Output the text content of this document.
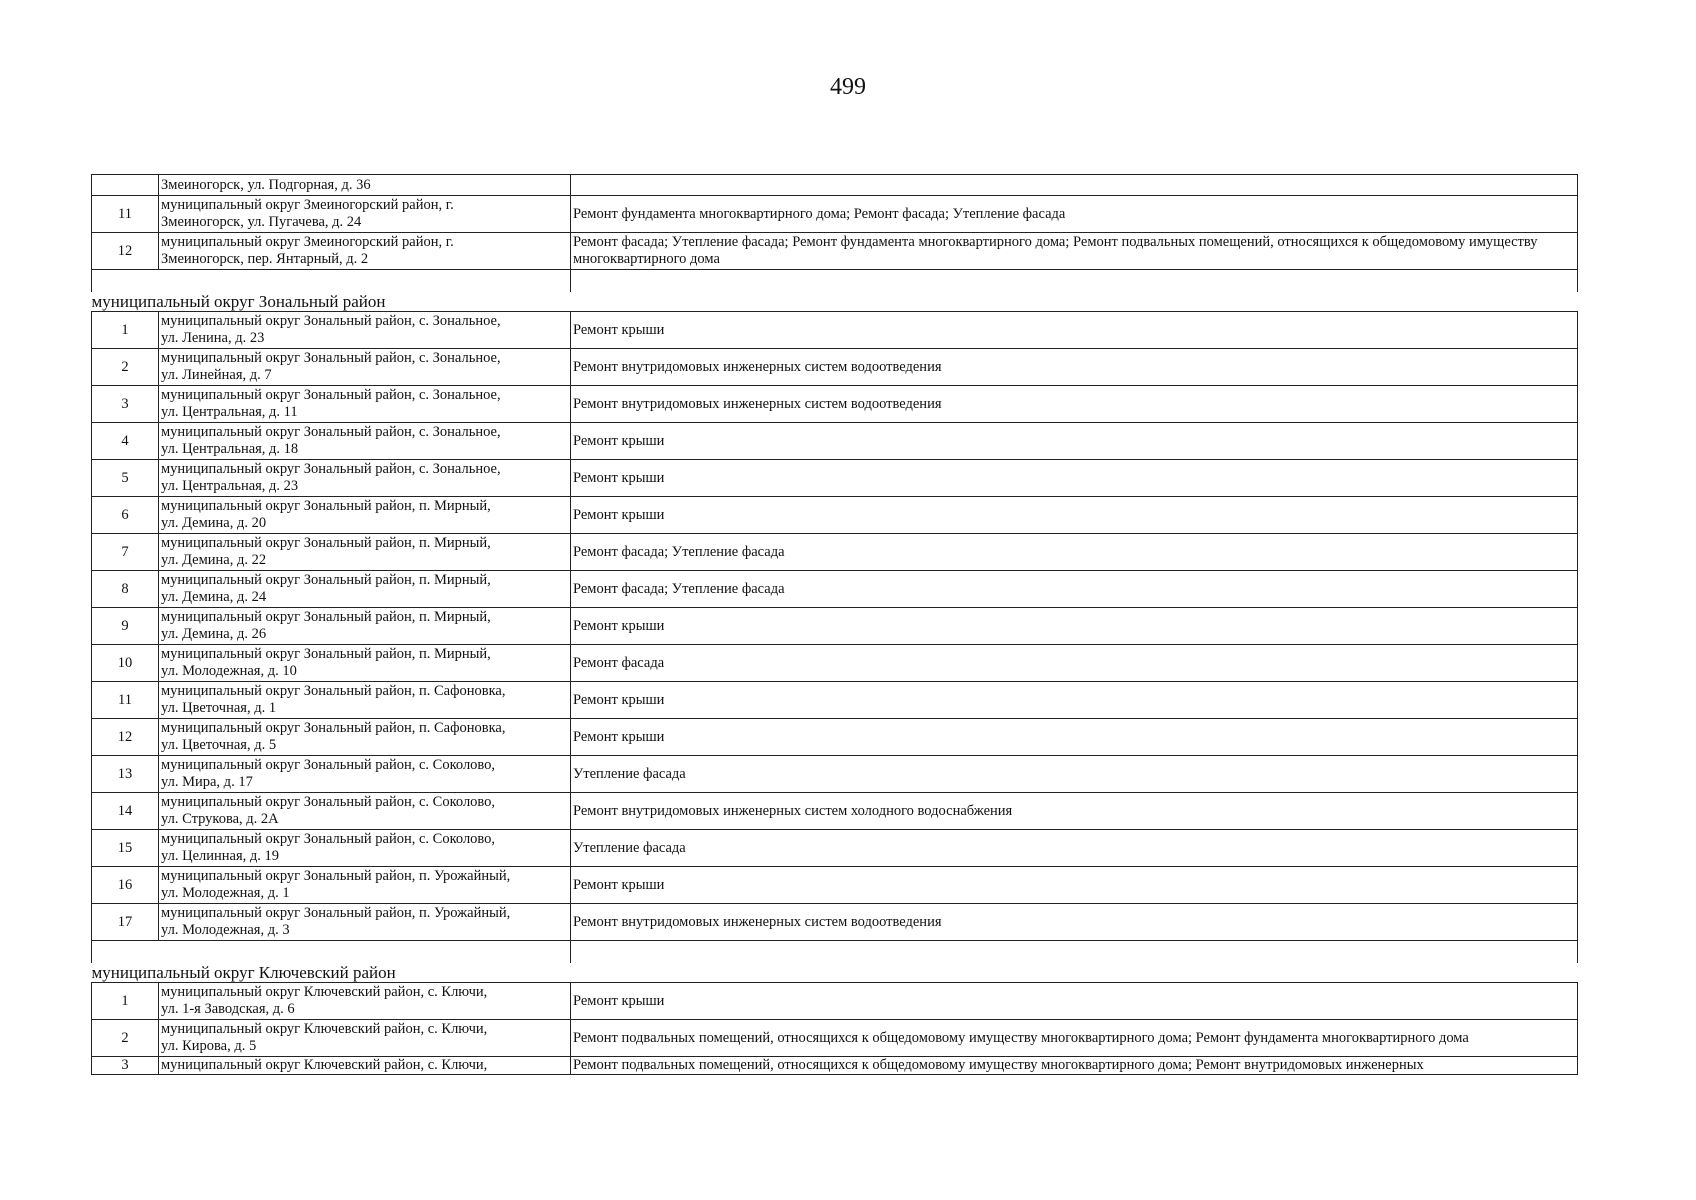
499
	Змеиногорск, ул. Подгорная, д. 36	
11	муниципальный округ Змеиногорский район, г.
Змеиногорск, ул. Пугачева, д. 24	Ремонт фундамента многоквартирного дома; Ремонт фасада; Утепление фасада
12	муниципальный округ Змеиногорский район, г.
Змеиногорск, пер. Янтарный, д. 2	Ремонт фасада; Утепление фасада; Ремонт фундамента многоквартирного дома; Ремонт подвальных помещений, относящихся к общедомовому имуществу многоквартирного дома

муниципальный округ Зональный район		
1	муниципальный округ Зональный район, с. Зональное,
ул. Ленина, д. 23	Ремонт крыши
2	муниципальный округ Зональный район, с. Зональное,
ул. Линейная, д. 7	Ремонт внутридомовых инженерных систем водоотведения
3	муниципальный округ Зональный район, с. Зональное,
ул. Центральная, д. 11	Ремонт внутридомовых инженерных систем водоотведения
4	муниципальный округ Зональный район, с. Зональное,
ул. Центральная, д. 18	Ремонт крыши
5	муниципальный округ Зональный район, с. Зональное,
ул. Центральная, д. 23	Ремонт крыши
6	муниципальный округ Зональный район, п. Мирный,
ул. Демина, д. 20	Ремонт крыши
7	муниципальный округ Зональный район, п. Мирный,
ул. Демина, д. 22	Ремонт фасада; Утепление фасада
8	муниципальный округ Зональный район, п. Мирный,
ул. Демина, д. 24	Ремонт фасада; Утепление фасада
9	муниципальный округ Зональный район, п. Мирный,
ул. Демина, д. 26	Ремонт крыши
10	муниципальный округ Зональный район, п. Мирный,
ул. Молодежная, д. 10	Ремонт фасада
11	муниципальный округ Зональный район, п. Сафоновка,
ул. Цветочная, д. 1	Ремонт крыши
12	муниципальный округ Зональный район, п. Сафоновка,
ул. Цветочная, д. 5	Ремонт крыши
13	муниципальный округ Зональный район, с. Соколово,
ул. Мира, д. 17	Утепление фасада
14	муниципальный округ Зональный район, с. Соколово,
ул. Струкова, д. 2А	Ремонт внутридомовых инженерных систем холодного водоснабжения
15	муниципальный округ Зональный район, с. Соколово,
ул. Целинная, д. 19	Утепление фасада
16	муниципальный округ Зональный район, п. Урожайный,
ул. Молодежная, д. 1	Ремонт крыши
17	муниципальный округ Зональный район, п. Урожайный,
ул. Молодежная, д. 3	Ремонт внутридомовых инженерных систем водоотведения

муниципальный округ Ключевский район		
1	муниципальный округ Ключевский район, с. Ключи,
ул. 1-я Заводская, д. 6	Ремонт крыши
2	муниципальный округ Ключевский район, с. Ключи,
ул. Кирова, д. 5	Ремонт подвальных помещений, относящихся к общедомовому имуществу многоквартирного дома; Ремонт фундамента многоквартирного дома
3	муниципальный округ Ключевский район, с. Ключи,	Ремонт подвальных помещений, относящихся к общедомовому имуществу многоквартирного дома; Ремонт внутридомовых инженерных
